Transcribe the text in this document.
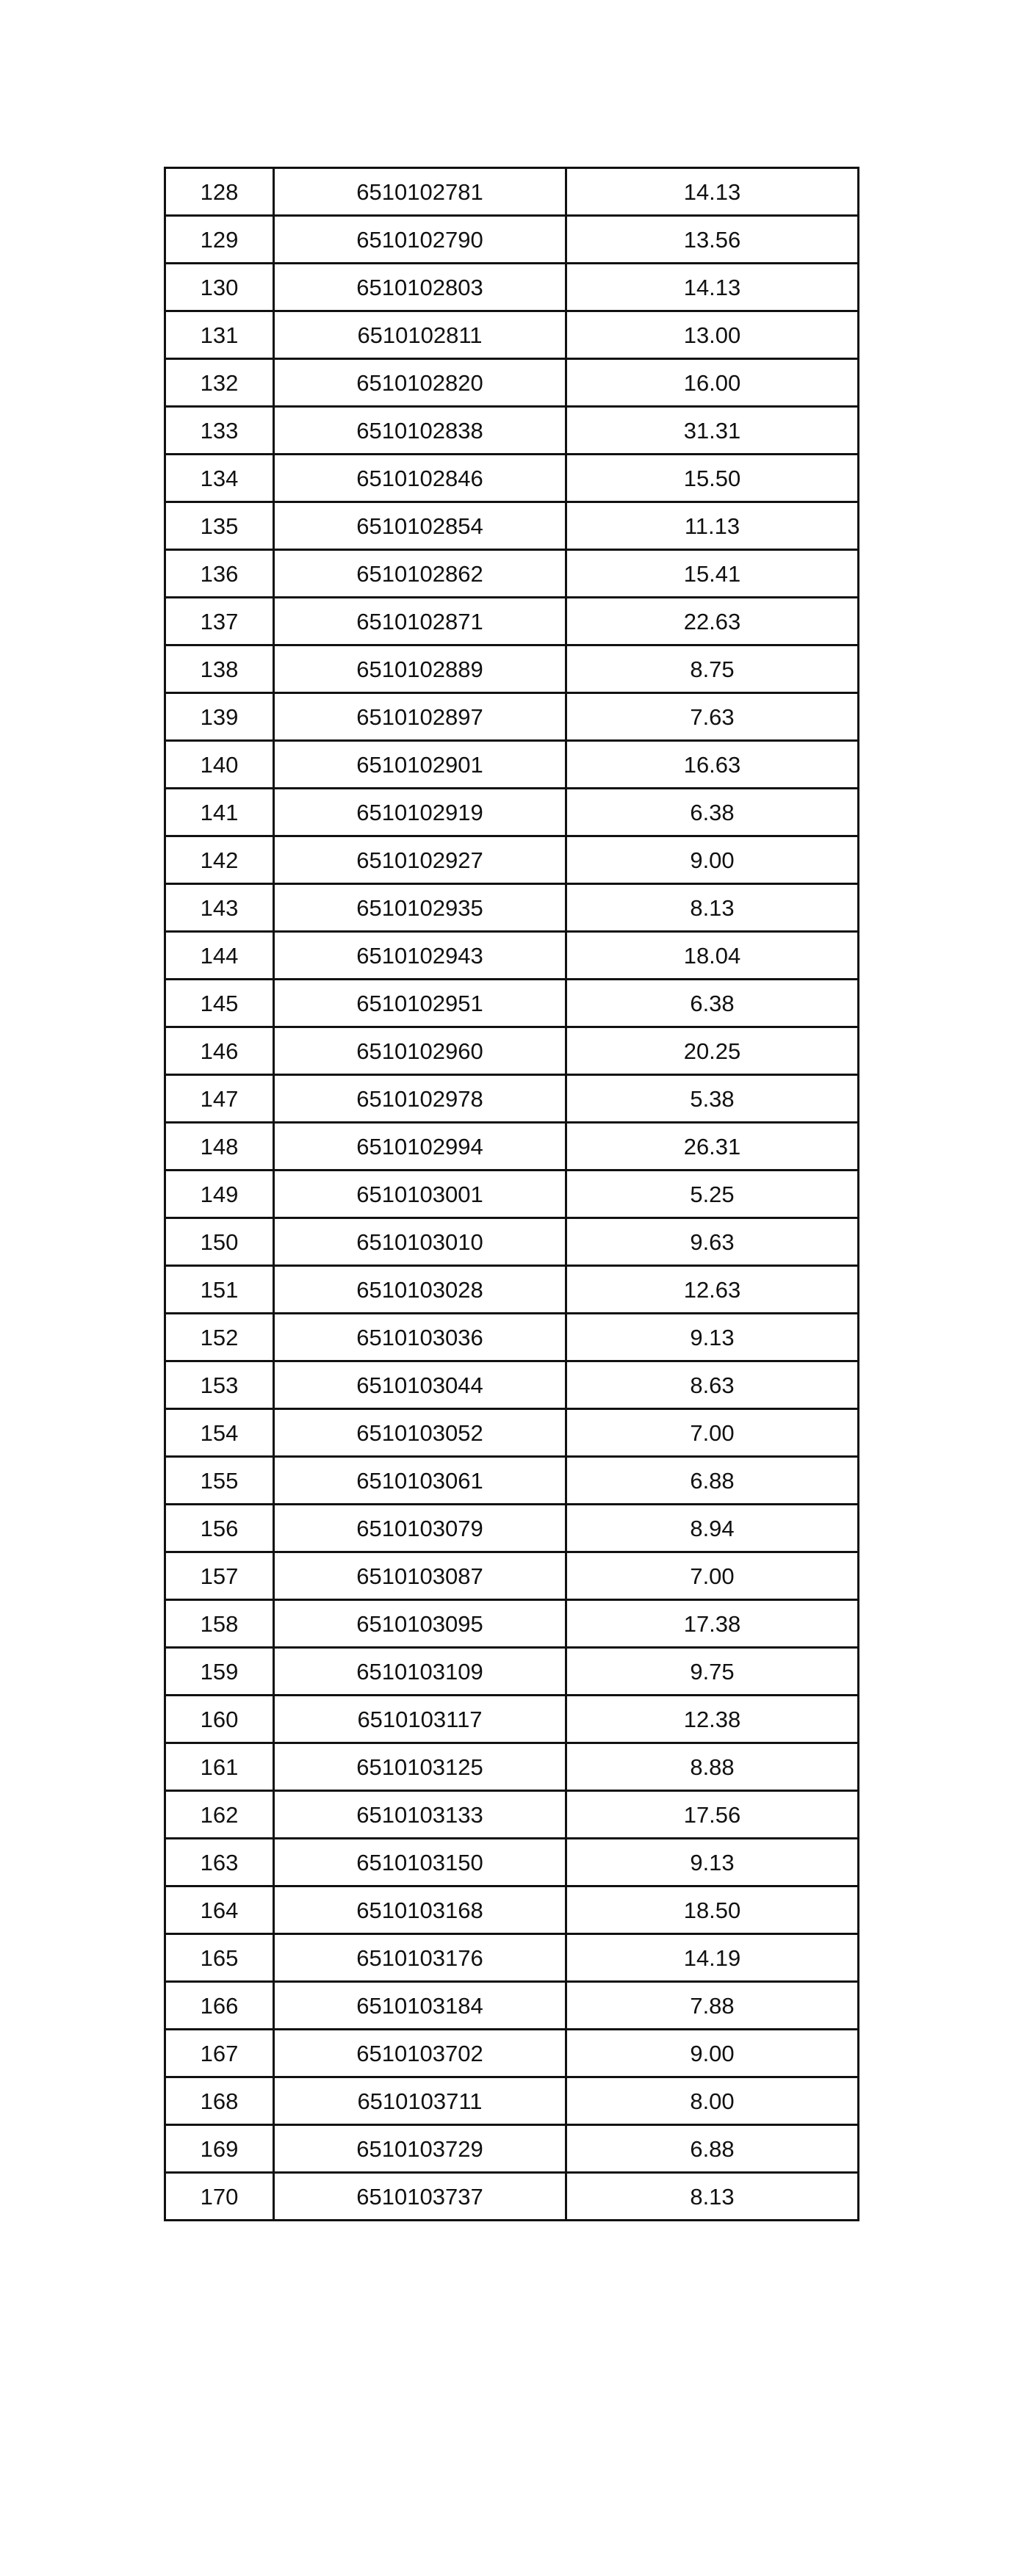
128	6510102781	14.13
129	6510102790	13.56
130	6510102803	14.13
131	6510102811	13.00
132	6510102820	16.00
133	6510102838	31.31
134	6510102846	15.50
135	6510102854	11.13
136	6510102862	15.41
137	6510102871	22.63
138	6510102889	8.75
139	6510102897	7.63
140	6510102901	16.63
141	6510102919	6.38
142	6510102927	9.00
143	6510102935	8.13
144	6510102943	18.04
145	6510102951	6.38
146	6510102960	20.25
147	6510102978	5.38
148	6510102994	26.31
149	6510103001	5.25
150	6510103010	9.63
151	6510103028	12.63
152	6510103036	9.13
153	6510103044	8.63
154	6510103052	7.00
155	6510103061	6.88
156	6510103079	8.94
157	6510103087	7.00
158	6510103095	17.38
159	6510103109	9.75
160	6510103117	12.38
161	6510103125	8.88
162	6510103133	17.56
163	6510103150	9.13
164	6510103168	18.50
165	6510103176	14.19
166	6510103184	7.88
167	6510103702	9.00
168	6510103711	8.00
169	6510103729	6.88
170	6510103737	8.13
